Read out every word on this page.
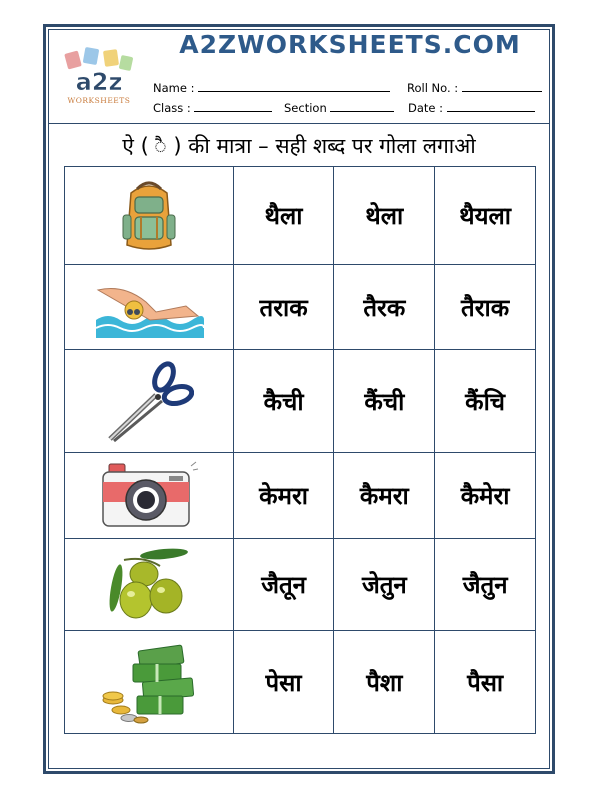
a2z
WORKSHEETS
A2ZWORKSHEETS.COM
Name :	Roll No. :
Class :	Section	Date :
ऐ ( ै ) की मात्रा – सही शब्द पर गोला लगाओ
	थैला	थेला	थैयला

	तराक	तैरक	तैराक

	कैची	कैंची	कैंचि

	केमरा	कैमरा	कैमेरा

	जैतून	जेतुन	जैतुन

	पेसा	पैशा	पैसा
